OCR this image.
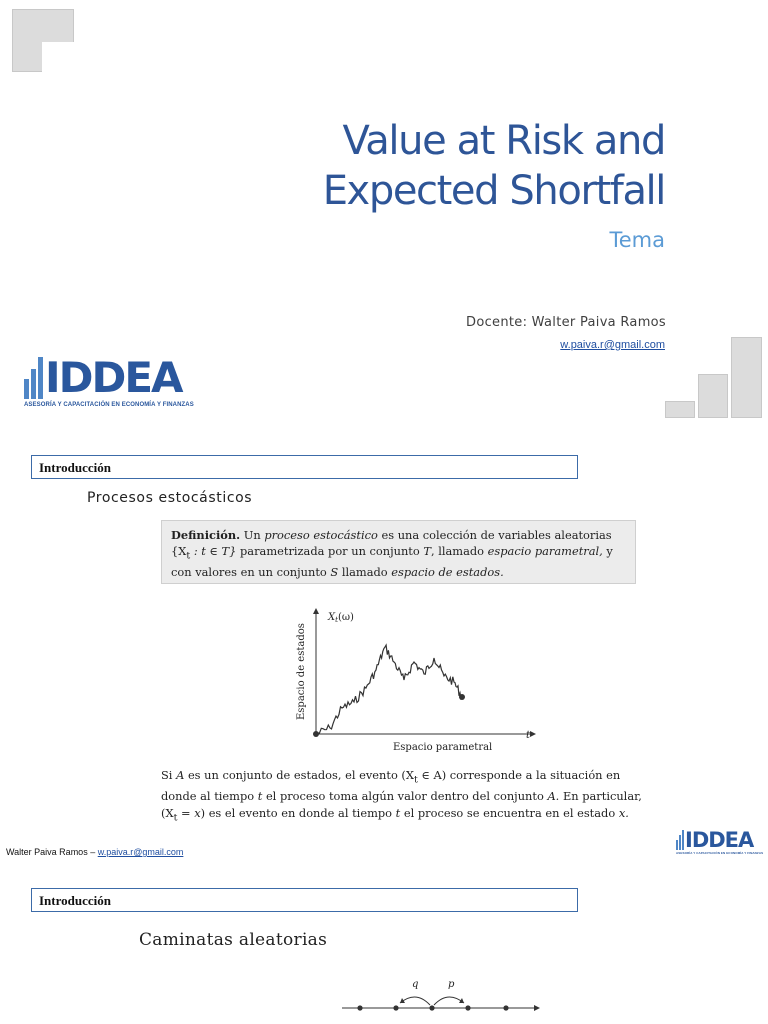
Value at Risk and
Expected Shortfall
Tema
Docente: Walter Paiva Ramos
w.paiva.r@gmail.com
IDDEA
ASESORÍA Y CAPACITACIÓN EN ECONOMÍA Y FINANZAS
Introducción
Procesos estocásticos
Definición. Un proceso estocástico es una colección de variables aleatorias {$X_t$ : t ∈ T} parametrizada por un conjunto T, llamado espacio parametral, y con valores en un conjunto S llamado espacio de estados.
$X_t(\omega)$
t
Espacio parametral
Espacio de estados
Si A es un conjunto de estados, el evento ($X_t$ ∈ A) corresponde a la situación en donde al tiempo t el proceso toma algún valor dentro del conjunto A. En particular, $(X_t = x)$ es el evento en donde al tiempo t el proceso se encuentra en el estado x.
Walter Paiva Ramos – w.paiva.r@gmail.com	IDDEA
ASESORÍA Y CAPACITACIÓN EN ECONOMÍA Y FINANZAS
Introducción
Caminatas aleatorias
q	p
